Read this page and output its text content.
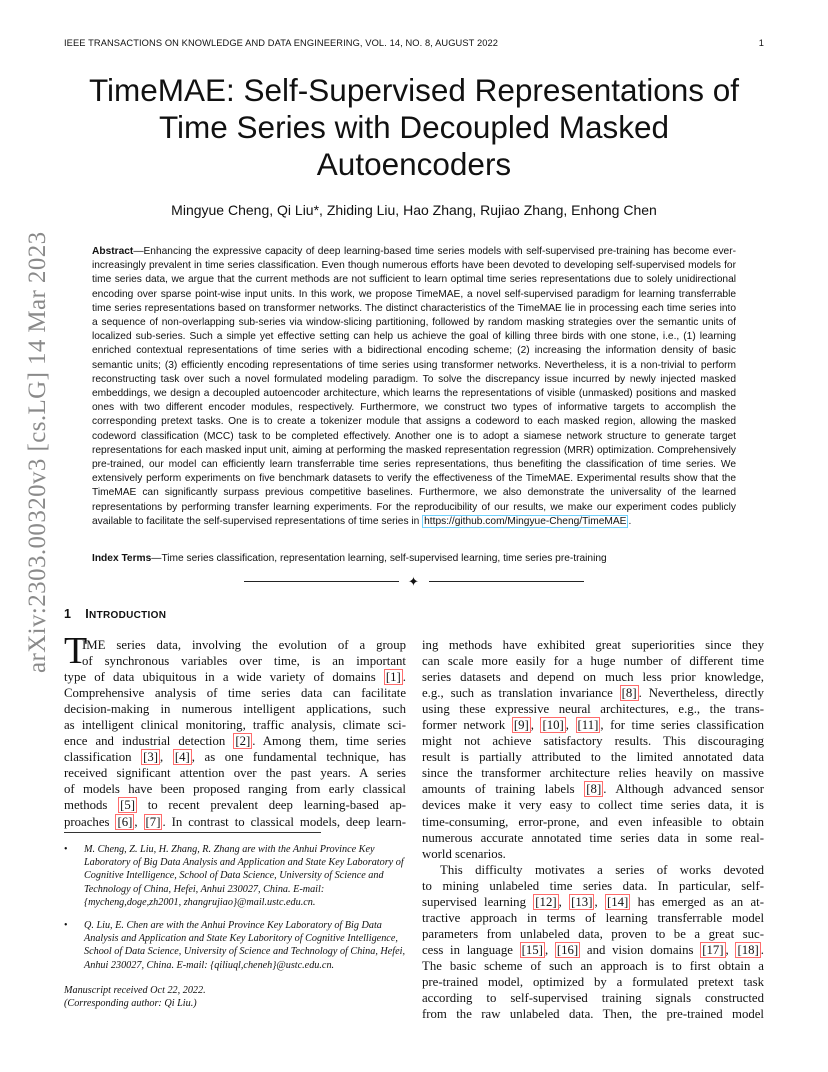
IEEE TRANSACTIONS ON KNOWLEDGE AND DATA ENGINEERING, VOL. 14, NO. 8, AUGUST 2022	1
arXiv:2303.00320v3 [cs.LG] 14 Mar 2023
TimeMAE: Self-Supervised Representations of
Time Series with Decoupled Masked
Autoencoders
Mingyue Cheng, Qi Liu*, Zhiding Liu, Hao Zhang, Rujiao Zhang, Enhong Chen
Abstract—Enhancing the expressive capacity of deep learning-based time series models with self-supervised pre-training has become ever-increasingly prevalent in time series classification. Even though numerous efforts have been devoted to developing self-supervised models for time series data, we argue that the current methods are not sufficient to learn optimal time series representations due to solely unidirectional encoding over sparse point-wise input units. In this work, we propose TimeMAE, a novel self-supervised paradigm for learning transferrable time series representations based on transformer networks. The distinct characteristics of the TimeMAE lie in processing each time series into a sequence of non-overlapping sub-series via window-slicing partitioning, followed by random masking strategies over the semantic units of localized sub-series. Such a simple yet effective setting can help us achieve the goal of killing three birds with one stone, i.e., (1) learning enriched contextual representations of time series with a bidirectional encoding scheme; (2) increasing the information density of basic semantic units; (3) efficiently encoding representations of time series using transformer networks. Nevertheless, it is a non-trivial to perform reconstructing task over such a novel formulated modeling paradigm. To solve the discrepancy issue incurred by newly injected masked embeddings, we design a decoupled autoencoder architecture, which learns the representations of visible (unmasked) positions and masked ones with two different encoder modules, respectively. Furthermore, we construct two types of informative targets to accomplish the corresponding pretext tasks. One is to create a tokenizer module that assigns a codeword to each masked region, allowing the masked codeword classification (MCC) task to be completed effectively. Another one is to adopt a siamese network structure to generate target representations for each masked input unit, aiming at performing the masked representation regression (MRR) optimization. Comprehensively pre-trained, our model can efficiently learn transferrable time series representations, thus benefiting the classification of time series. We extensively perform experiments on five benchmark datasets to verify the effectiveness of the TimeMAE. Experimental results show that the TimeMAE can significantly surpass previous competitive baselines. Furthermore, we also demonstrate the universality of the learned representations by performing transfer learning experiments. For the reproducibility of our results, we make our experiment codes publicly available to facilitate the self-supervised representations of time series in https://github.com/Mingyue-Cheng/TimeMAE .
Index Terms—Time series classification, representation learning, self-supervised learning, time series pre-training
✦
1 INTRODUCTION
T
IME series data, involving the evolution of a group
of synchronous variables over time, is an important
type of data ubiquitous in a wide variety of domains [1] .
Comprehensive analysis of time series data can facilitate
decision-making in numerous intelligent applications, such
as intelligent clinical monitoring, traffic analysis, climate sci-
ence and industrial detection [2] . Among them, time series
classification [3] , [4] , as one fundamental technique, has
received significant attention over the past years. A series
of models have been proposed ranging from early classical
methods [5] to recent prevalent deep learning-based ap-
proaches [6] , [7] . In contrast to classical models, deep learn-
ing methods have exhibited great superiorities since they
can scale more easily for a huge number of different time
series datasets and depend on much less prior knowledge,
e.g., such as translation invariance [8] . Nevertheless, directly
using these expressive neural architectures, e.g., the trans-
former network [9] , [10] , [11] , for time series classification
might not achieve satisfactory results. This discouraging
result is partially attributed to the limited annotated data
since the transformer architecture relies heavily on massive
amounts of training labels [8] . Although advanced sensor
devices make it very easy to collect time series data, it is
time-consuming, error-prone, and even infeasible to obtain
numerous accurate annotated time series data in some real-
world scenarios.
This difficulty motivates a series of works devoted
to mining unlabeled time series data. In particular, self-
supervised learning [12] , [13] , [14] has emerged as an at-
tractive approach in terms of learning transferrable model
parameters from unlabeled data, proven to be a great suc-
cess in language [15] , [16] and vision domains [17] , [18] .
The basic scheme of such an approach is to first obtain a
pre-trained model, optimized by a formulated pretext task
according to self-supervised training signals constructed
from the raw unlabeled data. Then, the pre-trained model
• M. Cheng, Z. Liu, H. Zhang, R. Zhang are with the Anhui Province Key Laboratory of Big Data Analysis and Application and State Key Laboratory of Cognitive Intelligence, School of Data Science, University of Science and Technology of China, Hefei, Anhui 230027, China. E-mail: {mycheng,doge,zh2001, zhangrujiao}@mail.ustc.edu.cn.
• Q. Liu, E. Chen are with the Anhui Province Key Laboratory of Big Data Analysis and Application and State Key Laboritory of Cognitive Intelligence, School of Data Science, University of Science and Technology of China, Hefei, Anhui 230027, China. E-mail: {qiliuql,cheneh}@ustc.edu.cn.
Manuscript received Oct 22, 2022.
(Corresponding author: Qi Liu.)
